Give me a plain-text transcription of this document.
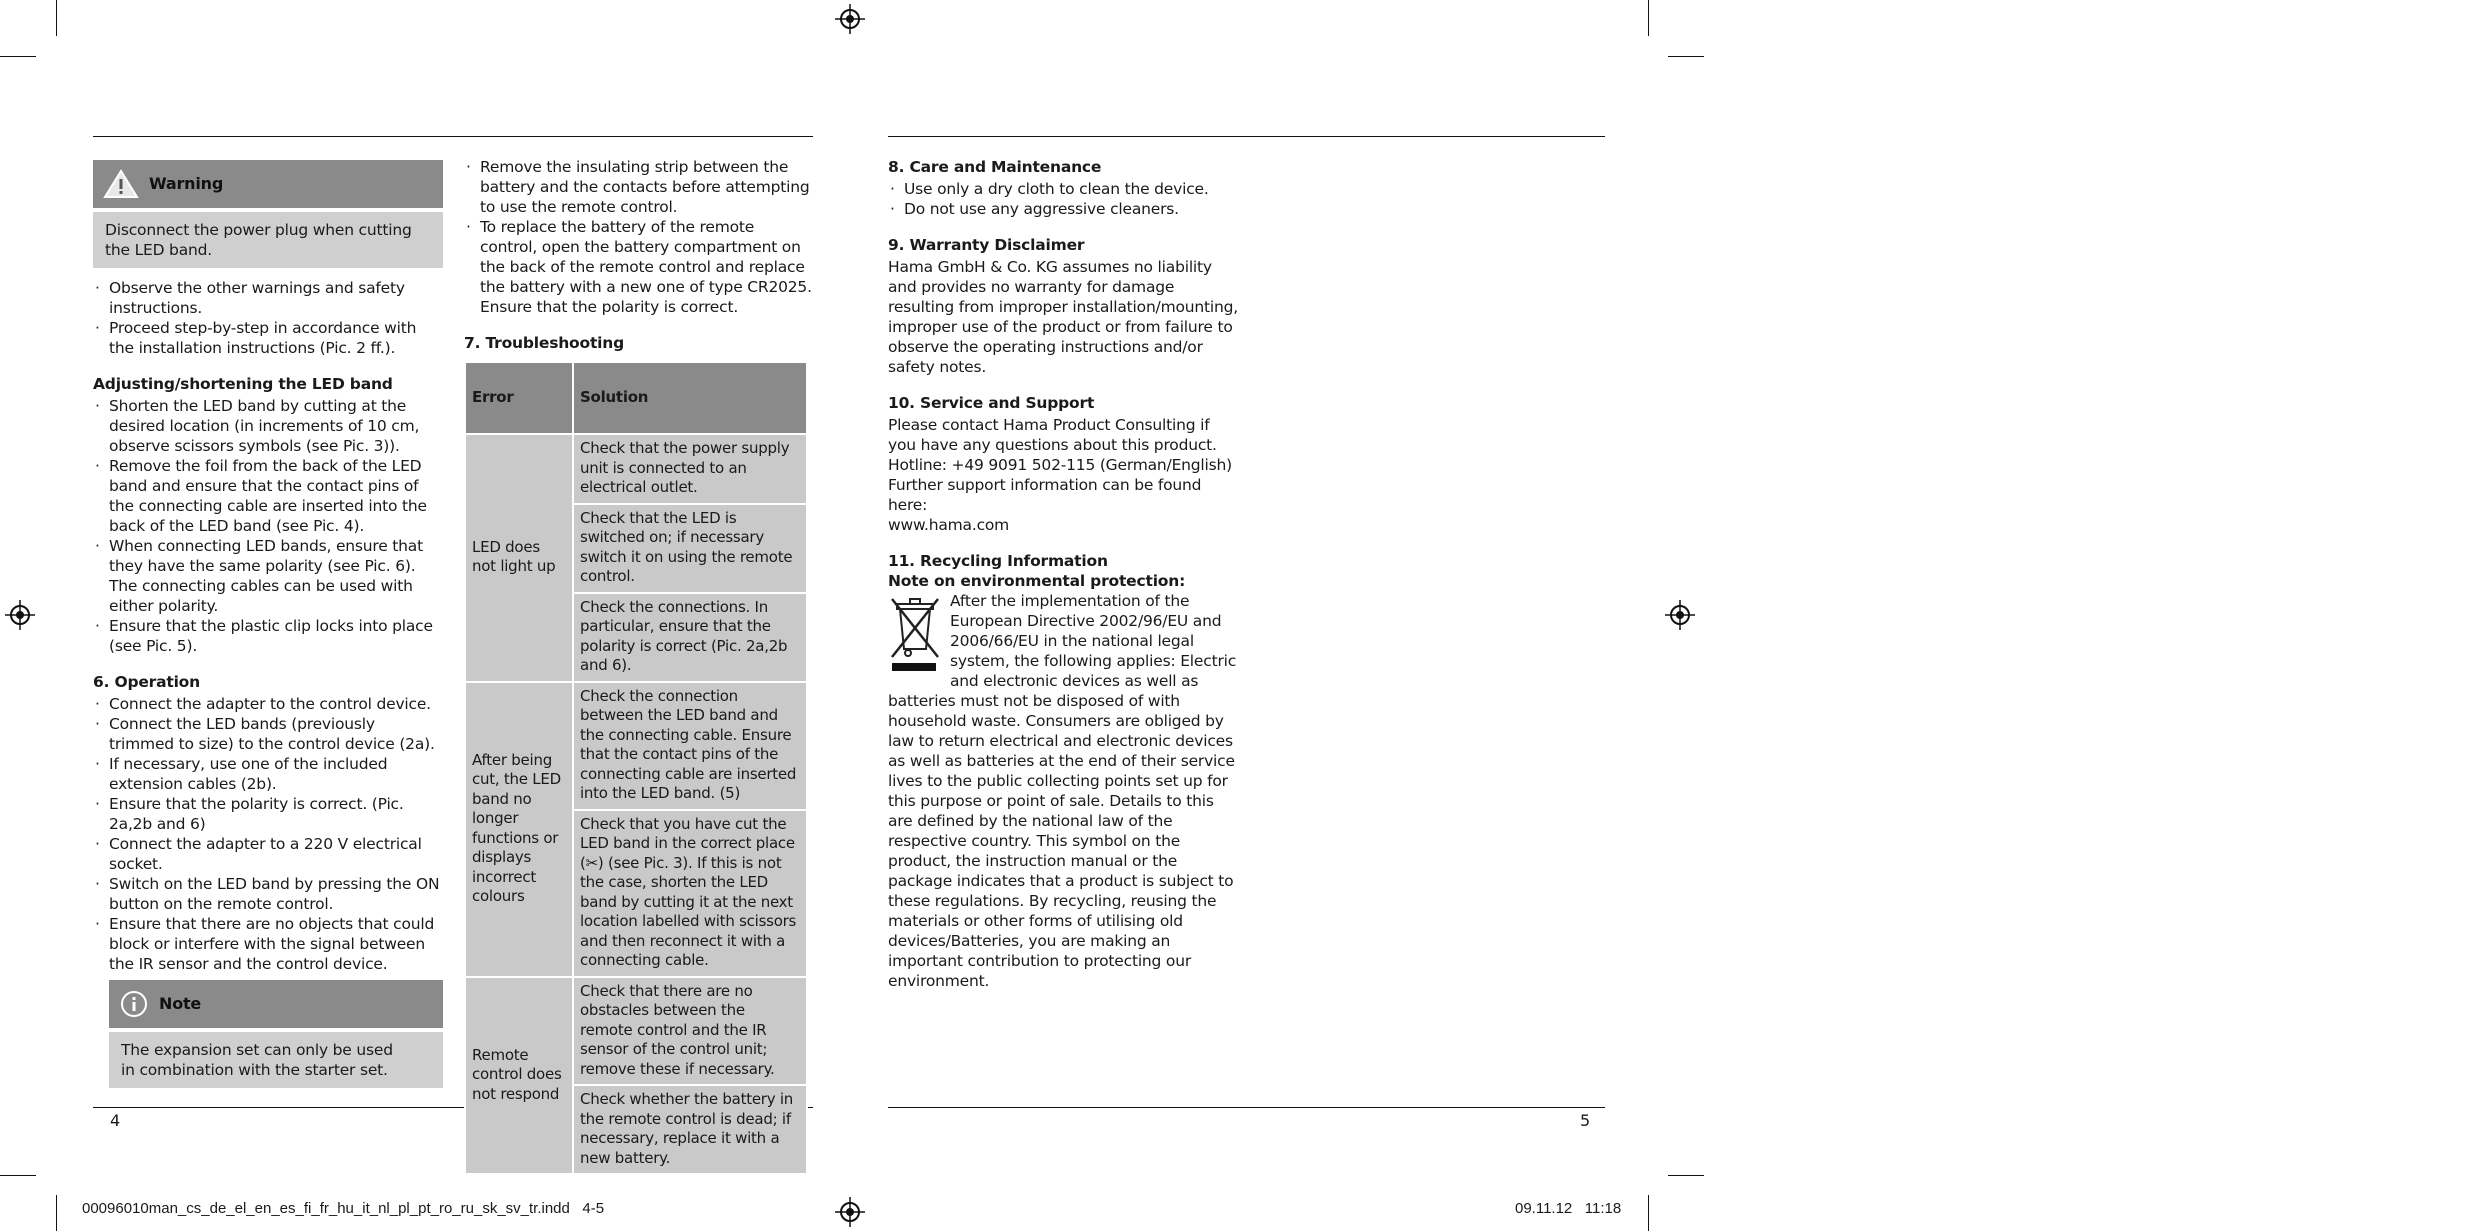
4	5
00096010man_cs_de_el_en_es_fi_fr_hu_it_nl_pl_pt_ro_ru_sk_sv_tr.indd   4-5	09.11.12   11:18
Warning
Disconnect the power plug when cutting the LED band.
· Observe the other warnings and safety instructions.
· Proceed step-by-step in accordance with the installation instructions (Pic. 2 ff.).

Adjusting/shortening the LED band

· Shorten the LED band by cutting at the desired location (in increments of 10 cm, observe scissors symbols (see Pic. 3)).
· Remove the foil from the back of the LED band and ensure that the contact pins of the connecting cable are inserted into the back of the LED band (see Pic. 4).
· When connecting LED bands, ensure that they have the same polarity (see Pic. 6). The connecting cables can be used with either polarity.
· Ensure that the plastic clip locks into place (see Pic. 5).

6. Operation

· Connect the adapter to the control device.
· Connect the LED bands (previously trimmed to size) to the control device (2a).
· If necessary, use one of the included extension cables (2b).
· Ensure that the polarity is correct. (Pic. 2a,2b and 6)
· Connect the adapter to a 220 V electrical socket.
· Switch on the LED band by pressing the ON button on the remote control.
· Ensure that there are no objects that could block or interfere with the signal between the IR sensor and the control device.
Note
The expansion set can only be used in combination with the starter set.
· Remove the insulating strip between the battery and the contacts before attempting to use the remote control.
· To replace the battery of the remote control, open the battery compartment on the back of the remote control and replace the battery with a new one of type CR2025. Ensure that the polarity is correct.

7. Troubleshooting

Error	Solution
LED does not light up	Check that the power supply unit is connected to an electrical outlet.
	Check that the LED is switched on; if necessary switch it on using the remote control.
	Check the connections. In particular, ensure that the polarity is correct (Pic. 2a,2b and 6).
After being cut, the LED band no longer functions or displays incorrect colours	Check the connection between the LED band and the connecting cable. Ensure that the contact pins of the connecting cable are inserted into the LED band. (5)
	Check that you have cut the LED band in the correct place (✂) (see Pic. 3). If this is not the case, shorten the LED band by cutting it at the next location labelled with scissors and then reconnect it with a connecting cable.
Remote control does not respond	Check that there are no obstacles between the remote control and the IR sensor of the control unit; remove these if necessary.
	Check whether the battery in the remote control is dead; if necessary, replace it with a new battery.

8. Care and Maintenance

· Use only a dry cloth to clean the device.
· Do not use any aggressive cleaners.

9. Warranty Disclaimer

Hama GmbH & Co. KG assumes no liability and provides no warranty for damage resulting from improper installation/mounting, improper use of the product or from failure to observe the operating instructions and/or safety notes.

10. Service and Support

Please contact Hama Product Consulting if you have any questions about this product.

Hotline: +49 9091 502-115 (German/English)

Further support information can be found here:

www.hama.com

11. Recycling Information

Note on environmental protection:

After the implementation of the European Directive 2002/96/EU and 2006/66/EU in the national legal system, the following applies: Electric and electronic devices as well as batteries must not be disposed of with household waste. Consumers are obliged by law to return electrical and electronic devices as well as batteries at the end of their service lives to the public collecting points set up for this purpose or point of sale. Details to this are defined by the national law of the respective country. This symbol on the product, the instruction manual or the package indicates that a product is subject to these regulations. By recycling, reusing the materials or other forms of utilising old devices/Batteries, you are making an important contribution to protecting our environment.
